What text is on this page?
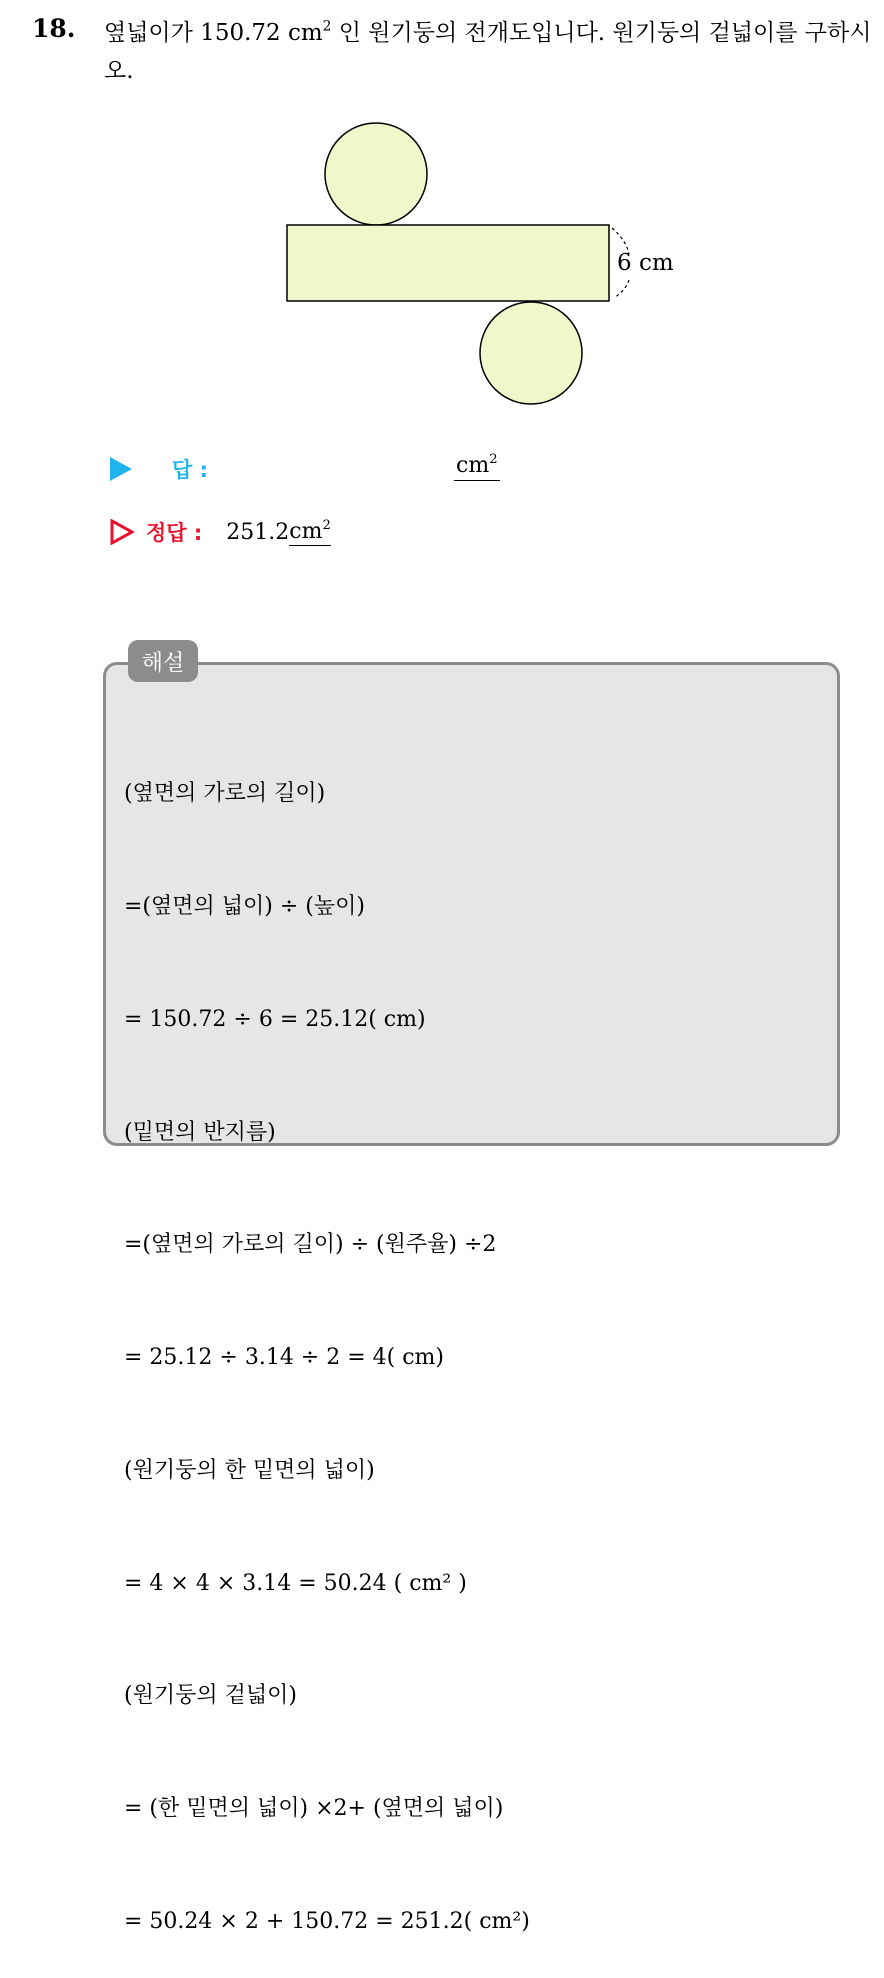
18. 옆넓이가 150.72 $cm^2$ 인 원기둥의 전개도입니다. 원기둥의 겉넓이를 구하시오.
6 cm
답 :	$cm^2$
정답 : 251.2 $cm^2$
해설

(옆면의 가로의 길이)

=(옆면의 넓이) ÷ (높이)

= 150.72 ÷ 6 = 25.12( cm)

(밑면의 반지름)

=(옆면의 가로의 길이) ÷ (원주율) ÷2

= 25.12 ÷ 3.14 ÷ 2 = 4( cm)

(원기둥의 한 밑면의 넓이)

= 4 × 4 × 3.14 = 50.24 ( cm² )

(원기둥의 겉넓이)

= (한 밑면의 넓이) ×2+ (옆면의 넓이)

= 50.24 × 2 + 150.72 = 251.2( cm²)
